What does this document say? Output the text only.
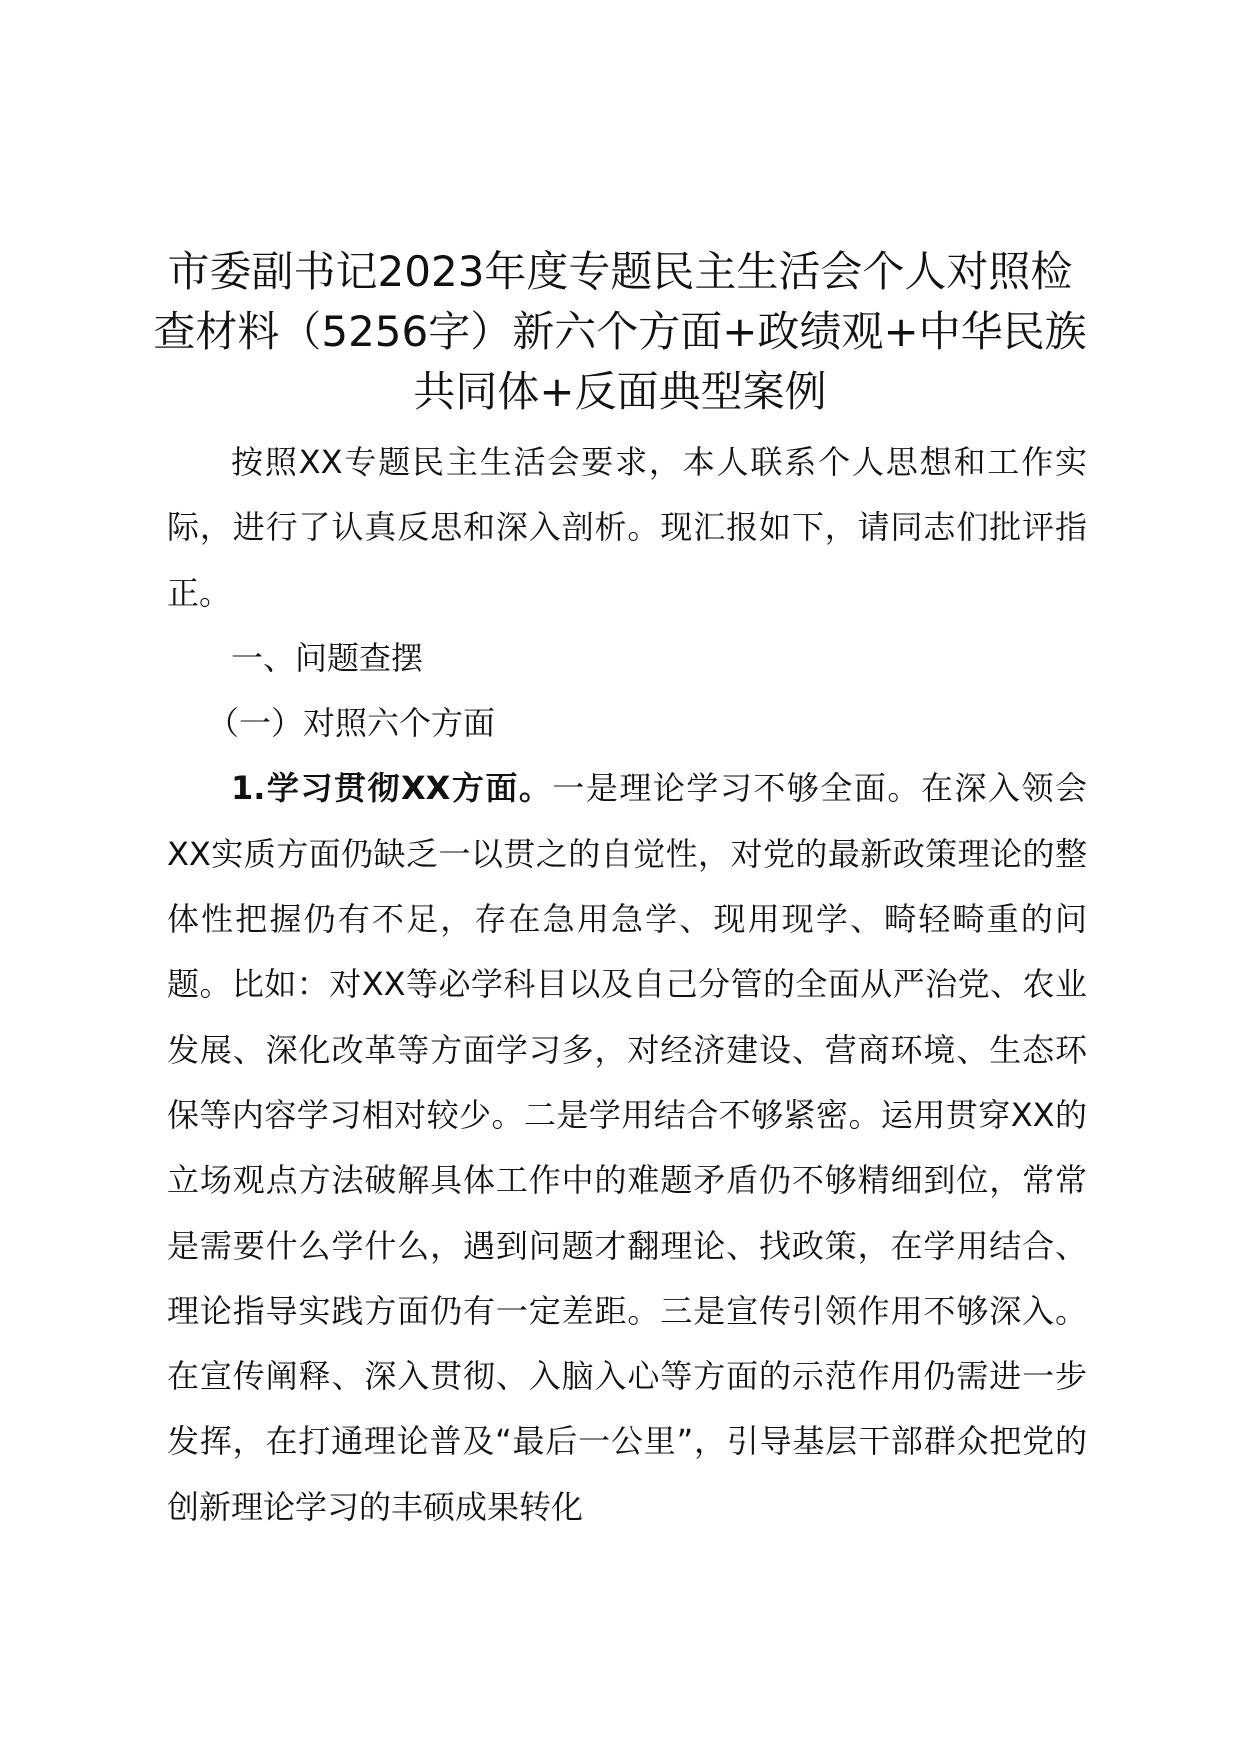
市委副书记2023年度专题民主生活会个人对照检查材料（5256字）新六个方面+政绩观+中华民族共同体+反面典型案例

按照XX专题民主生活会要求，本人联系个人思想和工作实际，进行了认真反思和深入剖析。现汇报如下，请同志们批评指正。

一、问题查摆

（一）对照六个方面

1.学习贯彻XX方面。一是理论学习不够全面。在深入领会XX实质方面仍缺乏一以贯之的自觉性，对党的最新政策理论的整体性把握仍有不足，存在急用急学、现用现学、畸轻畸重的问题。比如：对XX等必学科目以及自己分管的全面从严治党、农业发展、深化改革等方面学习多，对经济建设、营商环境、生态环保等内容学习相对较少。二是学用结合不够紧密。运用贯穿XX的立场观点方法破解具体工作中的难题矛盾仍不够精细到位，常常是需要什么学什么，遇到问题才翻理论、找政策，在学用结合、理论指导实践方面仍有一定差距。三是宣传引领作用不够深入。在宣传阐释、深入贯彻、入脑入心等方面的示范作用仍需进一步发挥，在打通理论普及“最后一公里”，引导基层干部群众把党的创新理论学习的丰硕成果转化
